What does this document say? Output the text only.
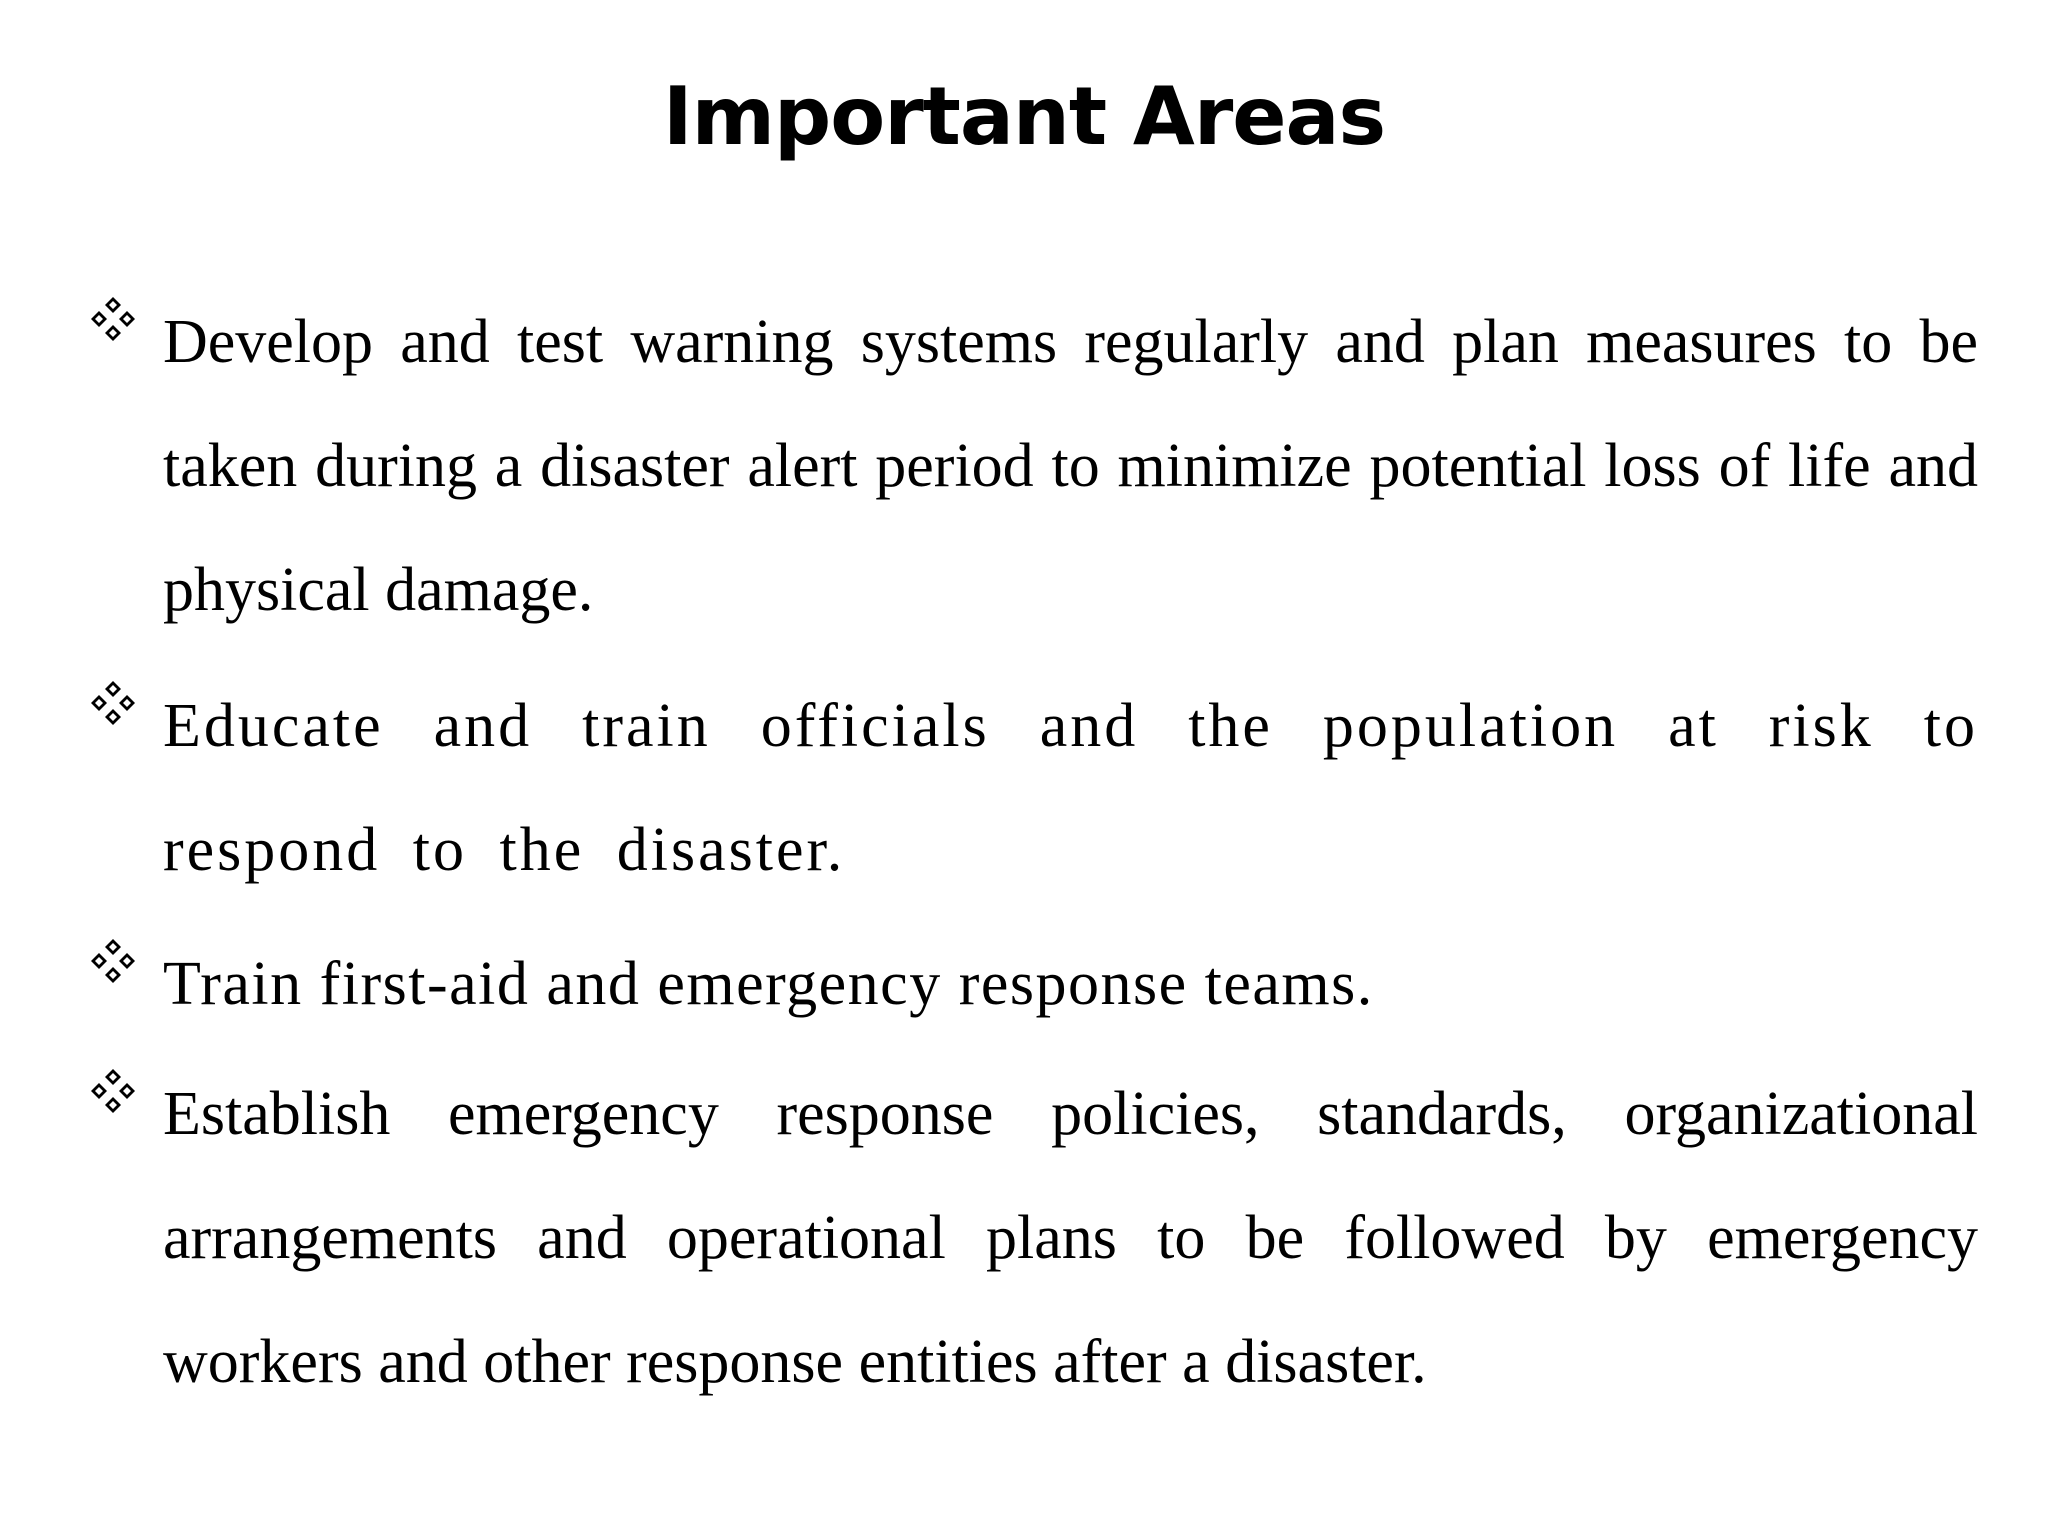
Important Areas

Develop and test warning systems regularly and plan measures to be taken during a disaster alert period to minimize potential loss of life and physical damage.

Educate and train officials and the population at risk to respond to the disaster.

Train first-aid and emergency response teams.

Establish emergency response policies, standards, organizational arrangements and operational plans to be followed by emergency workers and other response entities after a disaster.
